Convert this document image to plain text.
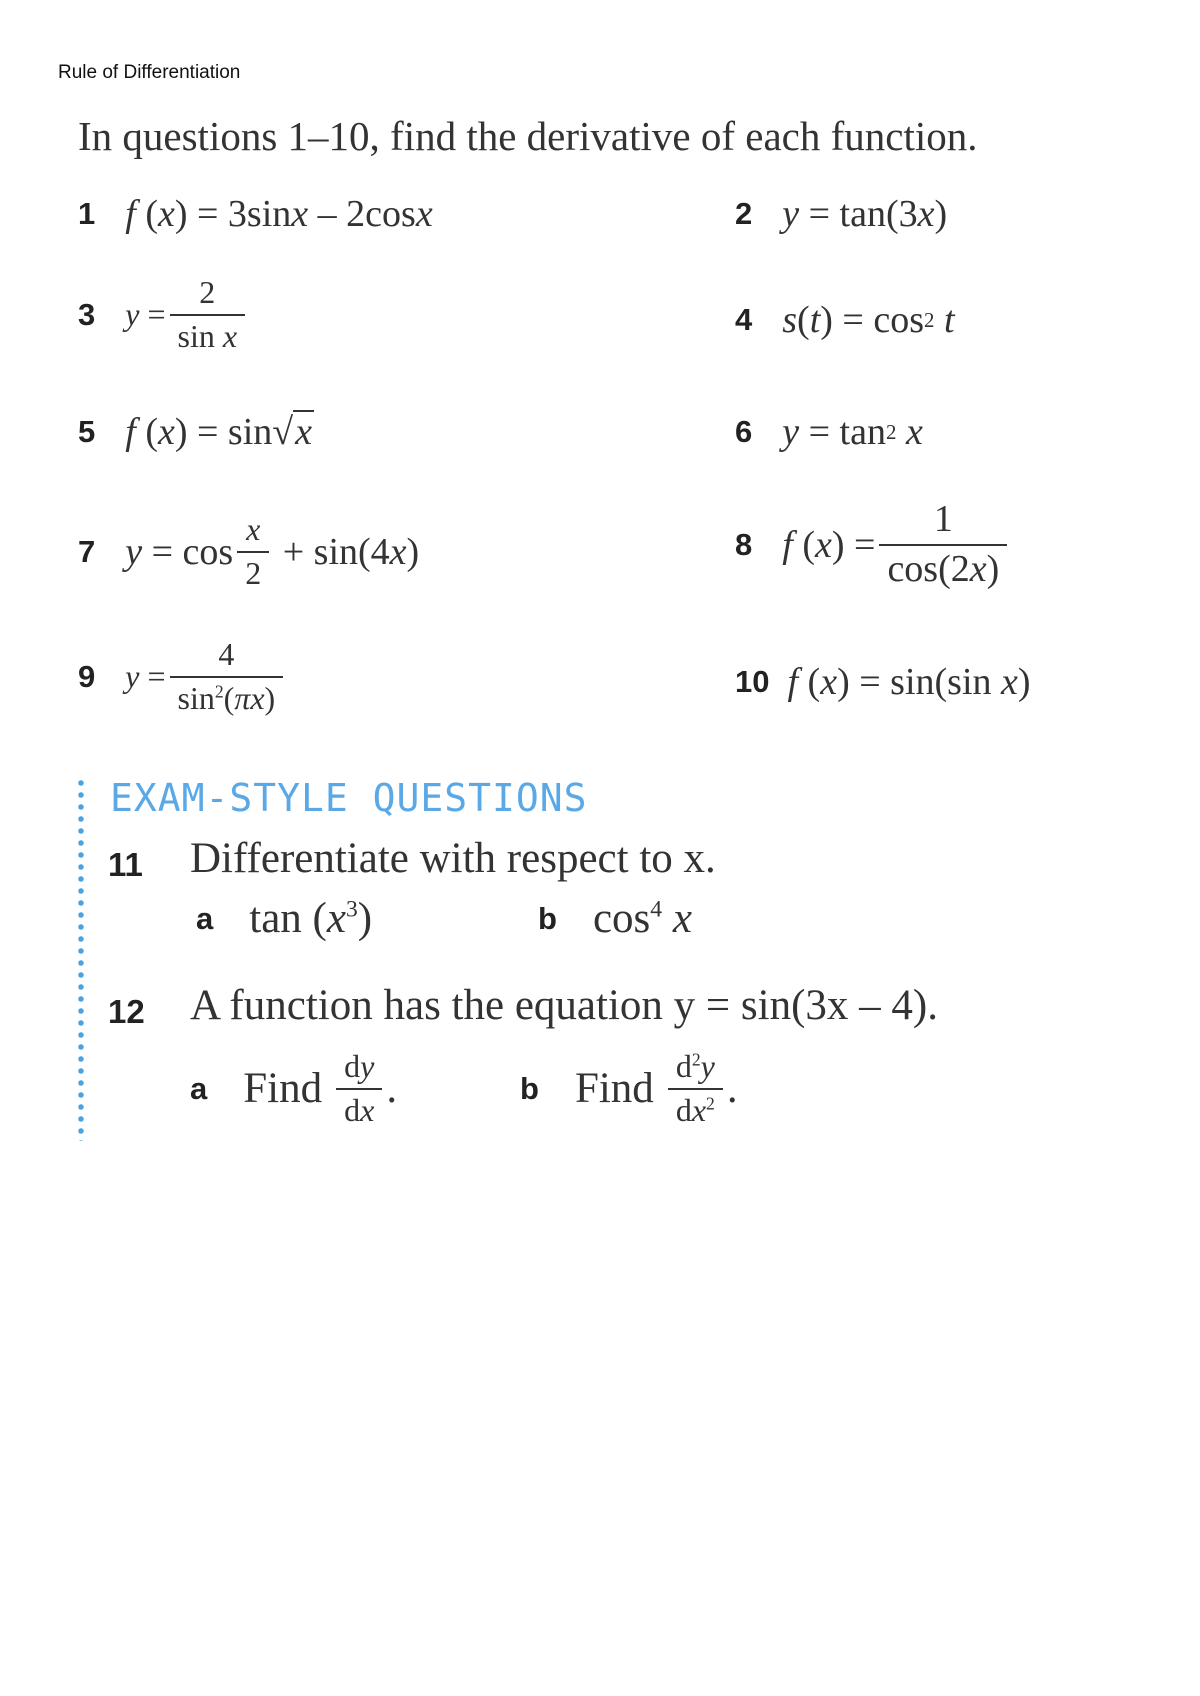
Rule of Differentiation
In questions 1–10, find the derivative of each function.
1 f ( x ) = 3sin x – 2cos x	2 y = tan(3 x )
3 $y = \frac{2}{\text{sin x}}$	4 s ( t ) = cos 2
t
5 f ( x ) = sin √ x	6 y = tan 2
x
7 $y = \cos \frac{x}{2} + \sin(4$ x )	8 f ( x ) = $\frac{1}{\cos(2x)}$
9 $y = \frac{4}{\sin^2(\pi x)}$	10 f ( x ) = sin(sin x )
EXAM-STYLE QUESTIONS
11 Differentiate with respect to x.
a $\tan (x^3)$	b $\cos^4 x$
12 A function has the equation y = sin(3x – 4).
a Find $\frac{dy}{dx}$ .	b Find $\frac{d^2y}{dx^2}$ .
